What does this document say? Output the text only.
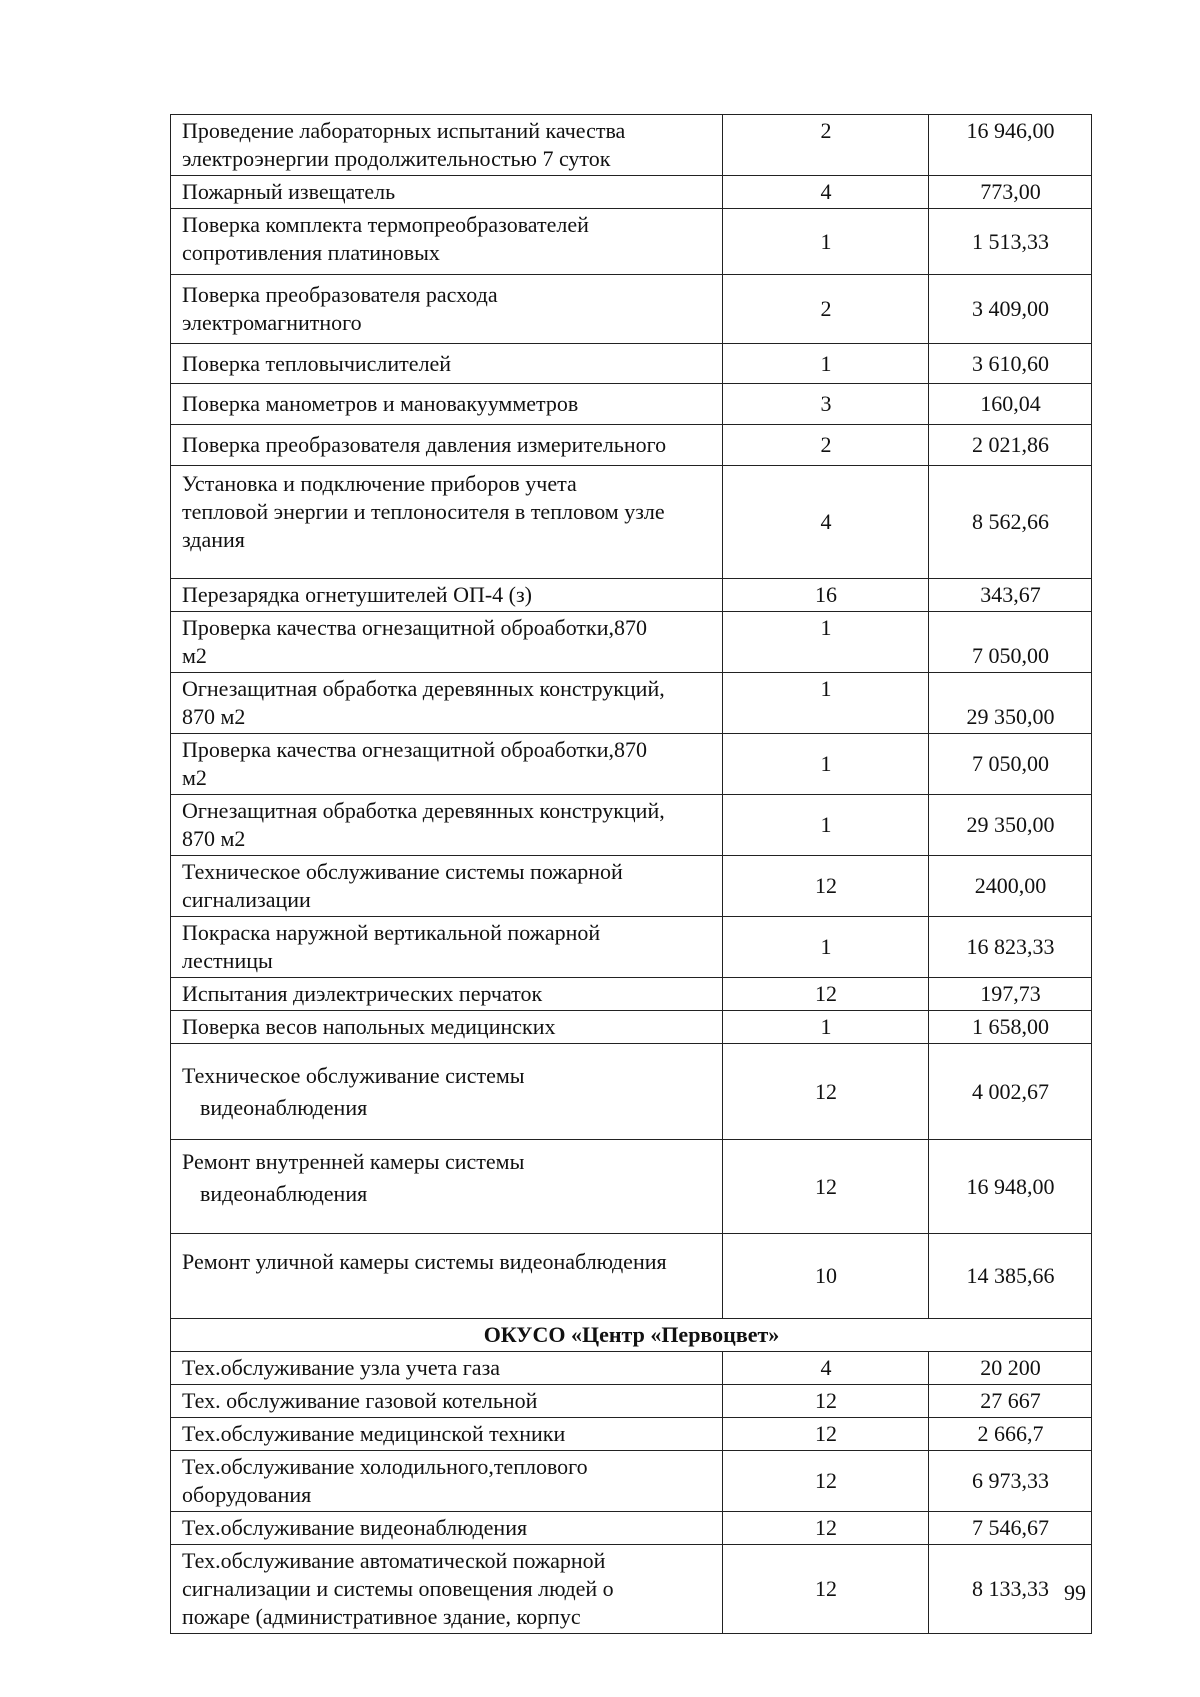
Проведение лабораторных испытаний качества
электроэнергии продолжительностью 7 суток	2	16 946,00

Пожарный извещатель	4	773,00

Поверка комплекта термопреобразователей
сопротивления платиновых	1	1 513,33

Поверка преобразователя расхода
электромагнитного	2	3 409,00

Поверка тепловычислителей	1	3 610,60

Поверка манометров и мановакуумметров	3	160,04

Поверка преобразователя давления измерительного	2	2 021,86

Установка и подключение приборов учета
тепловой энергии и теплоносителя в тепловом узле
здания	4	8 562,66

Перезарядка огнетушителей ОП-4 (з)	16	343,67

Проверка качества огнезащитной оброаботки,870
м2	1	7 050,00

Огнезащитная обработка деревянных конструкций,
870 м2	1	29 350,00

Проверка качества огнезащитной оброаботки,870
м2	1	7 050,00

Огнезащитная обработка деревянных конструкций,
870 м2	1	29 350,00

Техническое обслуживание системы пожарной
сигнализации	12	2400,00

Покраска наружной вертикальной пожарной
лестницы	1	16 823,33

Испытания диэлектрических перчаток	12	197,73

Поверка весов напольных медицинских	1	1 658,00

Техническое обслуживание системы
видеонаблюдения	12	4 002,67

Ремонт внутренней камеры системы
видеонаблюдения	12	16 948,00

Ремонт уличной камеры системы видеонаблюдения	10	14 385,66
ОКУСО «Центр «Первоцвет»		

Тех.обслуживание узла учета газа	4	20 200

Тех. обслуживание газовой котельной	12	27 667

Тех.обслуживание медицинской техники	12	2 666,7

Тех.обслуживание холодильного,теплового
оборудования	12	6 973,33

Тех.обслуживание видеонаблюдения	12	7 546,67

Тех.обслуживание автоматической пожарной
сигнализации и системы оповещения людей о
пожаре (административное здание, корпус	12	8 133,33 99
